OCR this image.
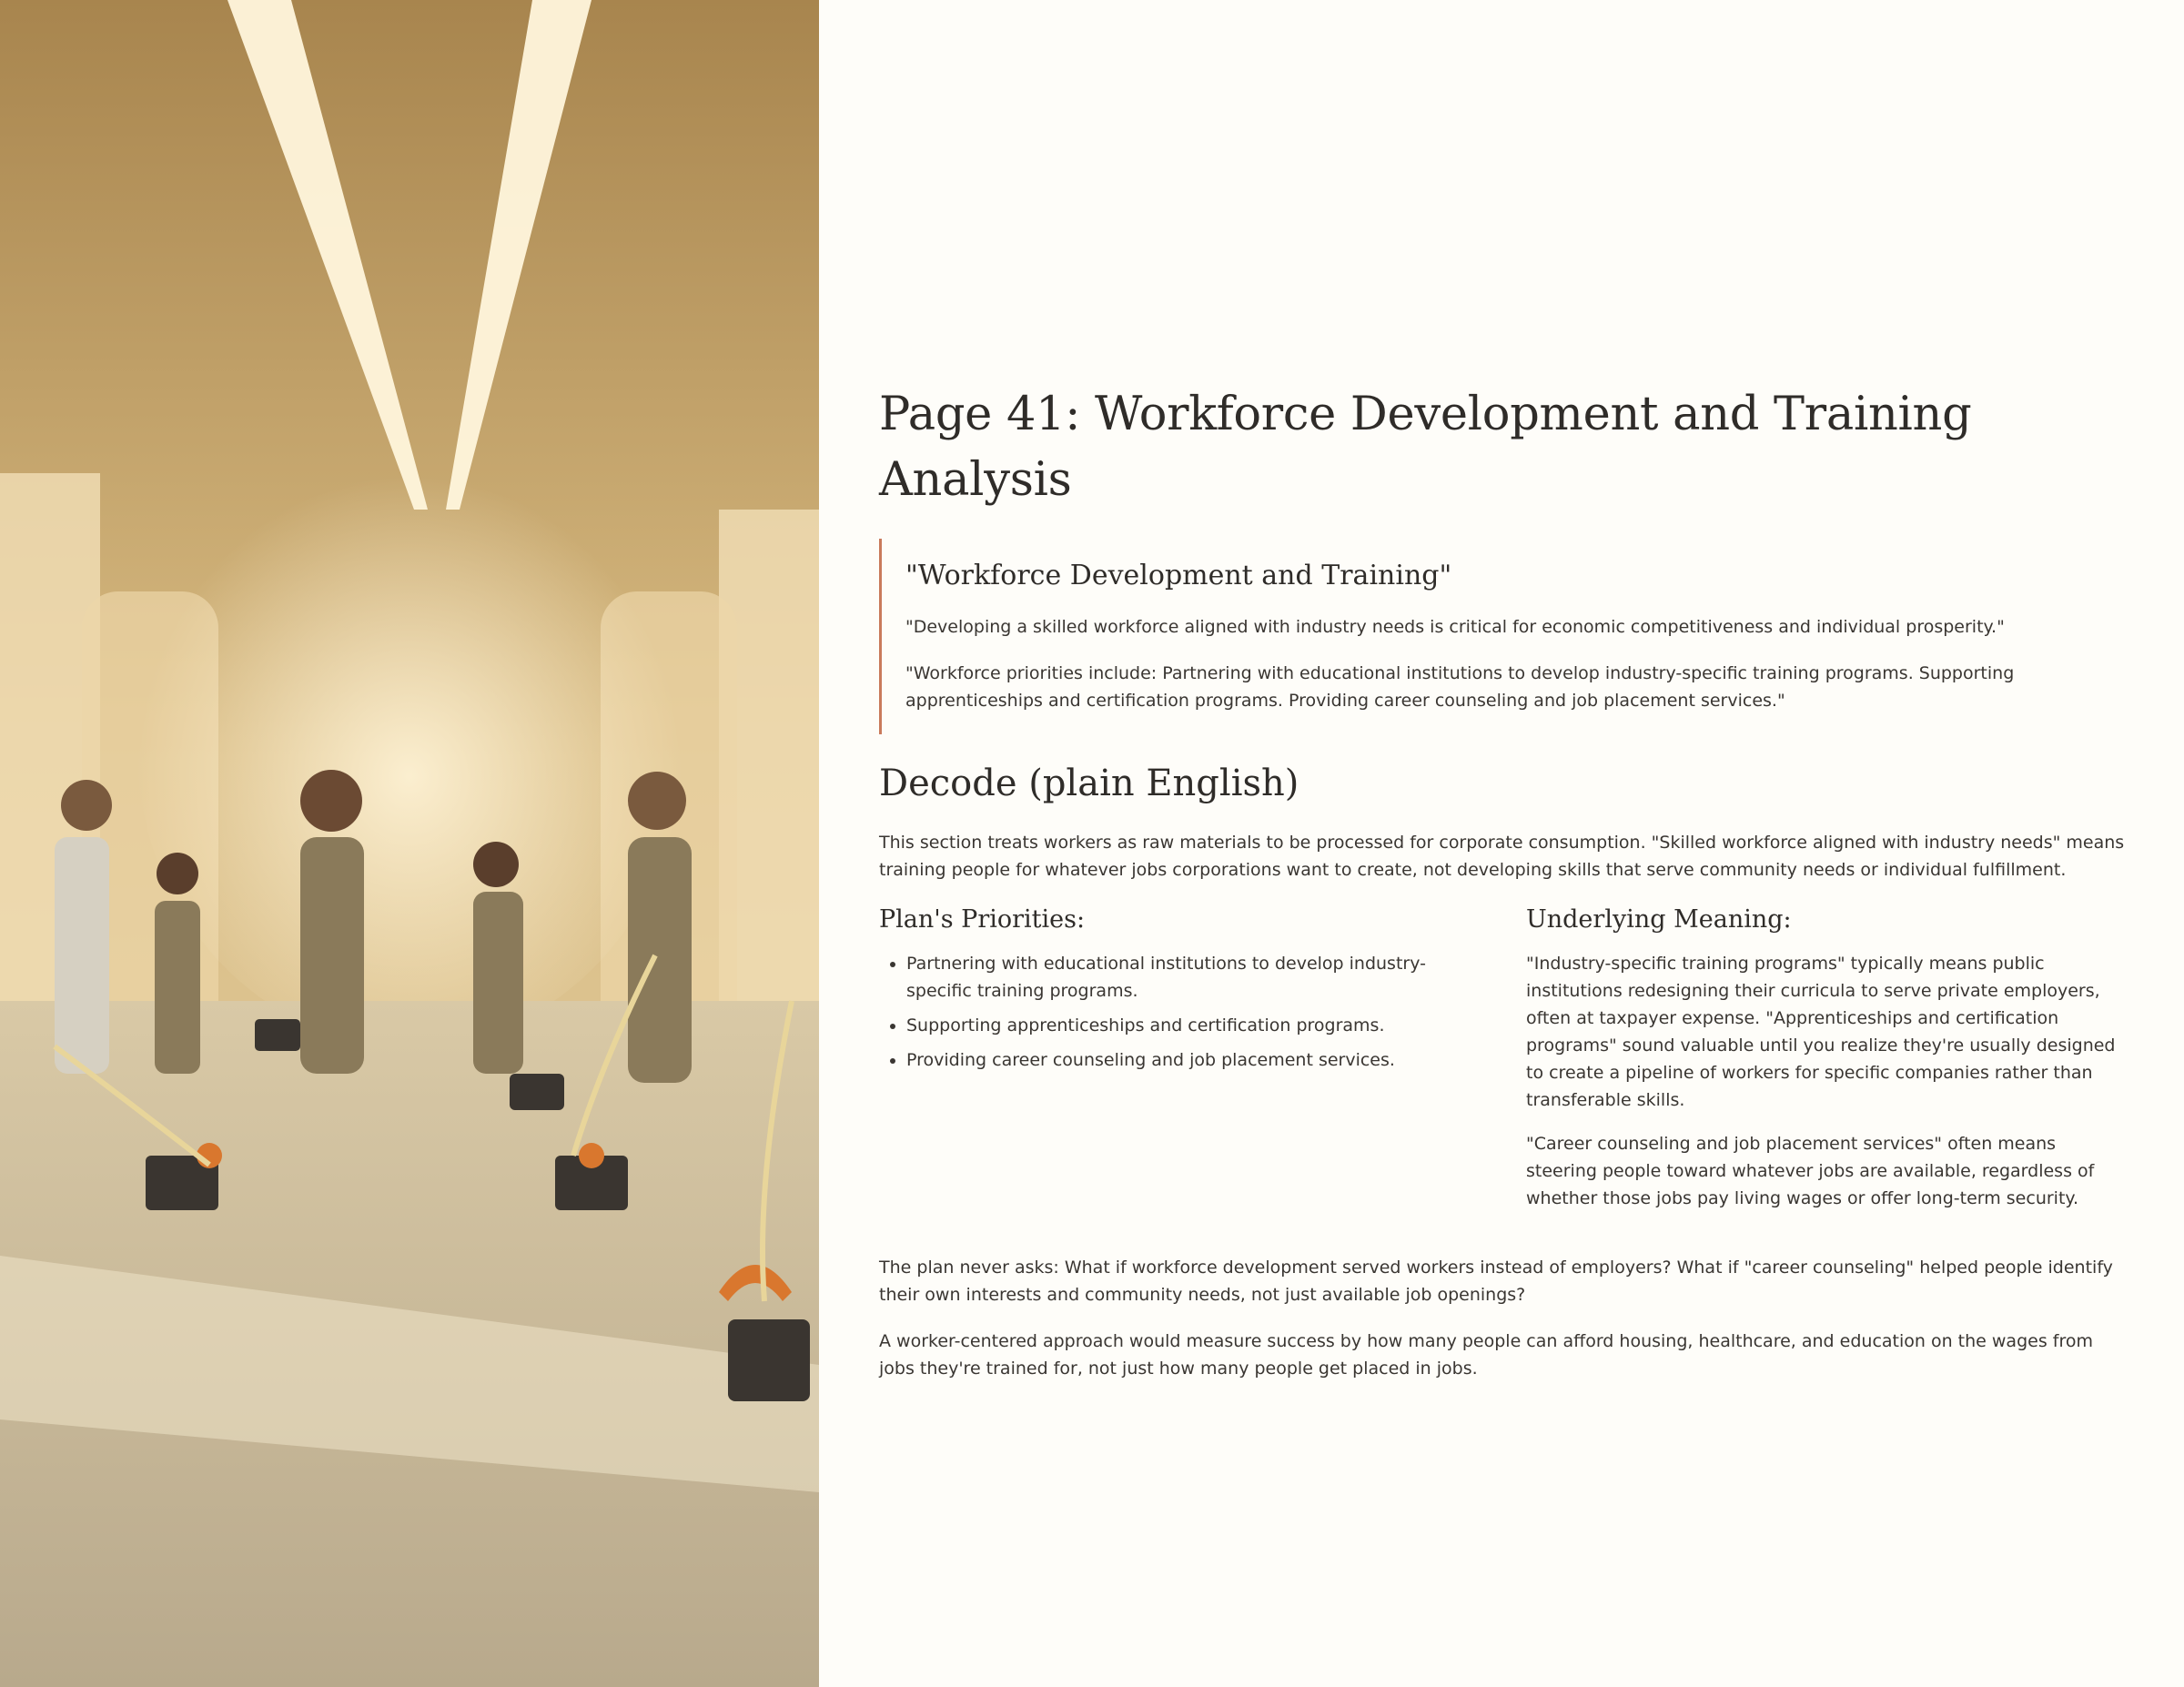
Page 41: Workforce Development and Training Analysis
"Workforce Development and Training"

"Developing a skilled workforce aligned with industry needs is critical for economic competitiveness and individual prosperity."

"Workforce priorities include: Partnering with educational institutions to develop industry-specific training programs. Supporting apprenticeships and certification programs. Providing career counseling and job placement services."

Decode (plain English)

This section treats workers as raw materials to be processed for corporate consumption. "Skilled workforce aligned with industry needs" means training people for whatever jobs corporations want to create, not developing skills that serve community needs or individual fulfillment.

Plan's Priorities:
• Partnering with educational institutions to develop industry-specific training programs.
• Supporting apprenticeships and certification programs.
• Providing career counseling and job placement services.
Underlying Meaning:

"Industry-specific training programs" typically means public institutions redesigning their curricula to serve private employers, often at taxpayer expense. "Apprenticeships and certification programs" sound valuable until you realize they're usually designed to create a pipeline of workers for specific companies rather than transferable skills.

"Career counseling and job placement services" often means steering people toward whatever jobs are available, regardless of whether those jobs pay living wages or offer long-term security.

The plan never asks: What if workforce development served workers instead of employers? What if "career counseling" helped people identify their own interests and community needs, not just available job openings?

A worker-centered approach would measure success by how many people can afford housing, healthcare, and education on the wages from jobs they're trained for, not just how many people get placed in jobs.
